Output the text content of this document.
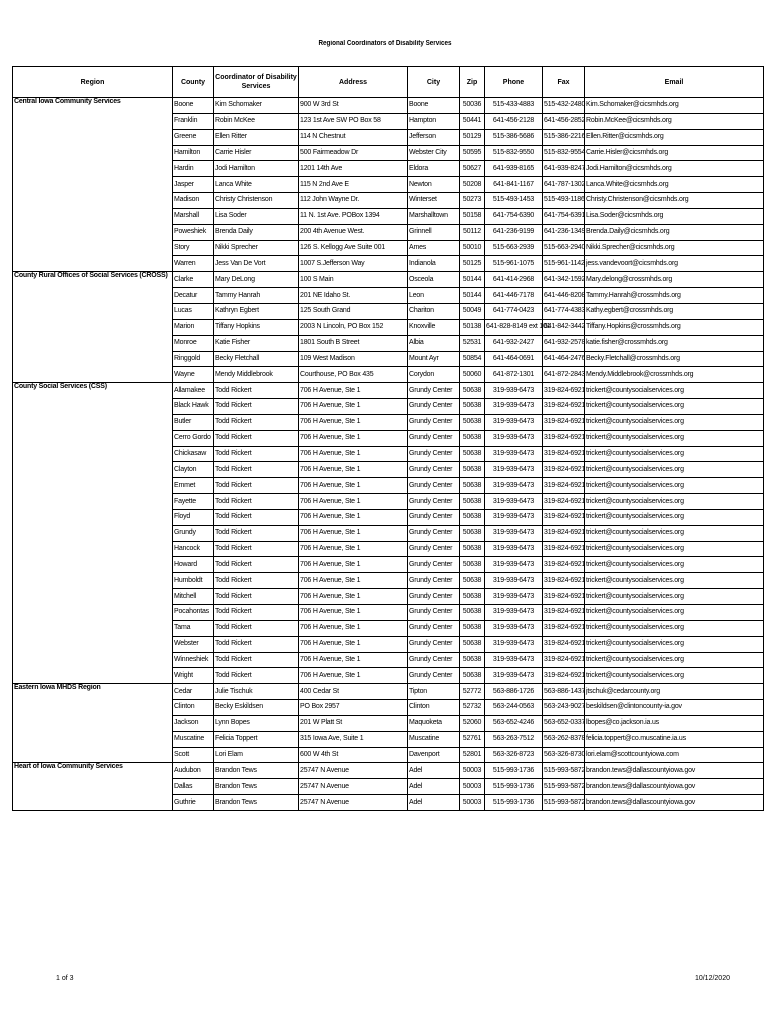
Regional Coordinators of Disability Services
Region	County	Coordinator of Disability Services	Address	City	Zip	Phone	Fax	Email
Central Iowa Community Services	Boone	Kim Schomaker	900 W 3rd St	Boone	50036	515-433-4883	515-432-2480	Kim.Schomaker@cicsmhds.org
	Franklin	Robin McKee	123 1st Ave SW PO Box 58	Hampton	50441	641-456-2128	641-456-2852	Robin.McKee@cicsmhds.org
	Greene	Ellen Ritter	114 N Chestnut	Jefferson	50129	515-386-5686	515-386-2216	Ellen.Ritter@cicsmhds.org
	Hamilton	Carrie Hisler	500 Fairmeadow Dr	Webster City	50595	515-832-9550	515-832-9554	Carrie.Hisler@cicsmhds.org
	Hardin	Jodi Hamilton	1201 14th Ave	Eldora	50627	641-939-8165	641-939-8247	Jodi.Hamilton@cicsmhds.org
	Jasper	Lanca White	115 N 2nd Ave E	Newton	50208	641-841-1167	641-787-1302	Lanca.White@cicsmhds.org
	Madison	Christy Christenson	112 John Wayne Dr.	Winterset	50273	515-493-1453	515-493-1186	Christy.Christenson@cicsmhds.org
	Marshall	Lisa Soder	11 N. 1st Ave. POBox 1394	Marshalltown	50158	641-754-6390	641-754-6391	Lisa.Soder@cicsmhds.org
	Poweshiek	Brenda Daily	200 4th Avenue West.	Grinnell	50112	641-236-9199	641-236-1349	Brenda.Daily@cicsmhds.org
	Story	Nikki Sprecher	126 S. Kellogg Ave Suite 001	Ames	50010	515-663-2939	515-663-2940	Nikki.Sprecher@cicsmhds.org
	Warren	Jess Van De Vort	1007 S.Jefferson Way	Indianola	50125	515-961-1075	515-961-1142	jess.vandevoort@cicsmhds.org
County Rural Offices of Social Services (CROSS)	Clarke	Mary DeLong	100 S Main	Osceola	50144	641-414-2968	641-342-1592	Mary.delong@crossmhds.org
	Decatur	Tammy Hanrah	201 NE Idaho St.	Leon	50144	641-446-7178	641-446-8208	Tammy.Hanrah@crossmhds.org
	Lucas	Kathryn Egbert	125 South Grand	Chariton	50049	641-774-0423	641-774-4383	Kathy.egbert@crossmhds.org
	Marion	Tiffany Hopkins	2003 N Lincoln, PO Box 152	Knoxville	50138	641-828-8149 ext 101	641-842-3442	Tiffany.Hopkins@crossmhds.org
	Monroe	Katie Fisher	1801 South B Street	Albia	52531	641-932-2427	641-932-2578	katie.fisher@crossmhds.org
	Ringgold	Becky Fletchall	109 West Madison	Mount Ayr	50854	641-464-0691	641-464-2476	Becky.Fletchall@crossmhds.org
	Wayne	Mendy Middlebrook	Courthouse, PO Box 435	Corydon	50060	641-872-1301	641-872-2843	Mendy.Middlebrook@crossmhds.org
County Social Services (CSS)	Allamakee	Todd Rickert	706 H Avenue, Ste 1	Grundy Center	50638	319-939-6473	319-824-6921	trickert@countysocialservices.org
	Black Hawk	Todd Rickert	706 H Avenue, Ste 1	Grundy Center	50638	319-939-6473	319-824-6921	trickert@countysocialservices.org
	Butler	Todd Rickert	706 H Avenue, Ste 1	Grundy Center	50638	319-939-6473	319-824-6921	trickert@countysocialservices.org
	Cerro Gordo	Todd Rickert	706 H Avenue, Ste 1	Grundy Center	50638	319-939-6473	319-824-6921	trickert@countysocialservices.org
	Chickasaw	Todd Rickert	706 H Avenue, Ste 1	Grundy Center	50638	319-939-6473	319-824-6921	trickert@countysocialservices.org
	Clayton	Todd Rickert	706 H Avenue, Ste 1	Grundy Center	50638	319-939-6473	319-824-6921	trickert@countysocialservices.org
	Emmet	Todd Rickert	706 H Avenue, Ste 1	Grundy Center	50638	319-939-6473	319-824-6921	trickert@countysocialservices.org
	Fayette	Todd Rickert	706 H Avenue, Ste 1	Grundy Center	50638	319-939-6473	319-824-6921	trickert@countysocialservices.org
	Floyd	Todd Rickert	706 H Avenue, Ste 1	Grundy Center	50638	319-939-6473	319-824-6921	trickert@countysocialservices.org
	Grundy	Todd Rickert	706 H Avenue, Ste 1	Grundy Center	50638	319-939-6473	319-824-6921	trickert@countysocialservices.org
	Hancock	Todd Rickert	706 H Avenue, Ste 1	Grundy Center	50638	319-939-6473	319-824-6921	trickert@countysocialservices.org
	Howard	Todd Rickert	706 H Avenue, Ste 1	Grundy Center	50638	319-939-6473	319-824-6921	trickert@countysocialservices.org
	Humboldt	Todd Rickert	706 H Avenue, Ste 1	Grundy Center	50638	319-939-6473	319-824-6921	trickert@countysocialservices.org
	Mitchell	Todd Rickert	706 H Avenue, Ste 1	Grundy Center	50638	319-939-6473	319-824-6921	trickert@countysocialservices.org
	Pocahontas	Todd Rickert	706 H Avenue, Ste 1	Grundy Center	50638	319-939-6473	319-824-6921	trickert@countysocialservices.org
	Tama	Todd Rickert	706 H Avenue, Ste 1	Grundy Center	50638	319-939-6473	319-824-6921	trickert@countysocialservices.org
	Webster	Todd Rickert	706 H Avenue, Ste 1	Grundy Center	50638	319-939-6473	319-824-6921	trickert@countysocialservices.org
	Winneshiek	Todd Rickert	706 H Avenue, Ste 1	Grundy Center	50638	319-939-6473	319-824-6921	trickert@countysocialservices.org
	Wright	Todd Rickert	706 H Avenue, Ste 1	Grundy Center	50638	319-939-6473	319-824-6921	trickert@countysocialservices.org
Eastern Iowa MHDS Region	Cedar	Julie Tischuk	400 Cedar St	Tipton	52772	563-886-1726	563-886-1437	jtschuk@cedarcounty.org
	Clinton	Becky Eskildsen	PO Box 2957	Clinton	52732	563-244-0563	563-243-9027	beskildsen@clintoncounty-ia.gov
	Jackson	Lynn Bopes	201 W Platt St	Maquoketa	52060	563-652-4246	563-652-0337	lbopes@co.jackson.ia.us
	Muscatine	Felicia Toppert	315 Iowa Ave, Suite 1	Muscatine	52761	563-263-7512	563-262-8378	felicia.toppert@co.muscatine.ia.us
	Scott	Lori Elam	600 W 4th St	Davenport	52801	563-326-8723	563-326-8730	lori.elam@scottcountyiowa.com
Heart of Iowa Community Services	Audubon	Brandon Tews	25747 N Avenue	Adel	50003	515-993-1736	515-993-5872	brandon.tews@dallascountyiowa.gov
	Dallas	Brandon Tews	25747 N Avenue	Adel	50003	515-993-1736	515-993-5872	brandon.tews@dallascountyiowa.gov
	Guthrie	Brandon Tews	25747 N Avenue	Adel	50003	515-993-1736	515-993-5872	brandon.tews@dallascountyiowa.gov
1 of 3	10/12/2020
